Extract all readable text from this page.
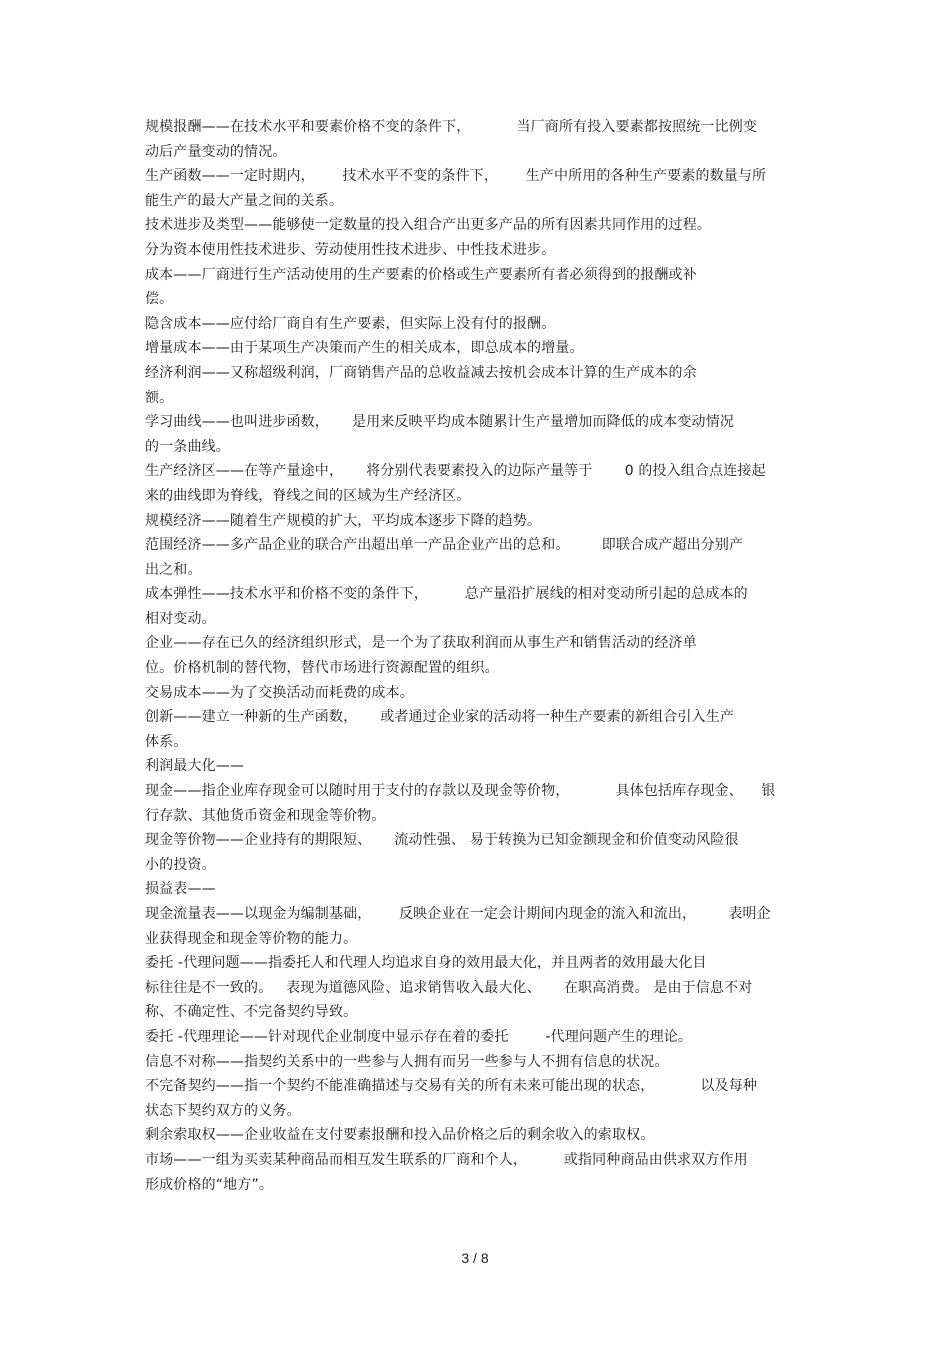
规模报酬——在技术水平和要素价格不变的条件下，          当厂商所有投入要素都按照统一比例变
动后产量变动的情况。
生产函数——一定时期内，      技术水平不变的条件下，      生产中所用的各种生产要素的数量与所
能生产的最大产量之间的关系。
技术进步及类型——能够使一定数量的投入组合产出更多产品的所有因素共同作用的过程。
分为资本使用性技术进步、劳动使用性技术进步、中性技术进步。
成本——厂商进行生产活动使用的生产要素的价格或生产要素所有者必须得到的报酬或补
偿。
隐含成本——应付给厂商自有生产要素，但实际上没有付的报酬。
增量成本——由于某项生产决策而产生的相关成本，即总成本的增量。
经济利润——又称超级利润，厂商销售产品的总收益减去按机会成本计算的生产成本的余
额。
学习曲线——也叫进步函数，     是用来反映平均成本随累计生产量增加而降低的成本变动情况
的一条曲线。
生产经济区——在等产量途中，     将分别代表要素投入的边际产量等于       0 的投入组合点连接起
来的曲线即为脊线，脊线之间的区域为生产经济区。
规模经济——随着生产规模的扩大，平均成本逐步下降的趋势。
范围经济——多产品企业的联合产出超出单一产品企业产出的总和。       即联合成产超出分别产
出之和。
成本弹性——技术水平和价格不变的条件下，        总产量沿扩展线的相对变动所引起的总成本的
相对变动。
企业——存在已久的经济组织形式，是一个为了获取利润而从事生产和销售活动的经济单
位。价格机制的替代物，替代市场进行资源配置的组织。
交易成本——为了交换活动而耗费的成本。
创新——建立一种新的生产函数，     或者通过企业家的活动将一种生产要素的新组合引入生产
体系。
利润最大化——
现金——指企业库存现金可以随时用于支付的存款以及现金等价物，          具体包括库存现金、    银
行存款、其他货币资金和现金等价物。
现金等价物——企业持有的期限短、     流动性强、 易于转换为已知金额现金和价值变动风险很
小的投资。
损益表——
现金流量表——以现金为编制基础，      反映企业在一定会计期间内现金的流入和流出，       表明企
业获得现金和现金等价物的能力。
委托 -代理问题——指委托人和代理人均追求自身的效用最大化，并且两者的效用最大化目
标往往是不一致的。   表现为道德风险、追求销售收入最大化、     在职高消费。 是由于信息不对
称、不确定性、不完备契约导致。
委托 -代理理论——针对现代企业制度中显示存在着的委托        -代理问题产生的理论。
信息不对称——指契约关系中的一些参与人拥有而另一些参与人不拥有信息的状况。
不完备契约——指一个契约不能准确描述与交易有关的所有未来可能出现的状态，          以及每种
状态下契约双方的义务。
剩余索取权——企业收益在支付要素报酬和投入品价格之后的剩余收入的索取权。
市场——一组为买卖某种商品而相互发生联系的厂商和个人，        或指同种商品由供求双方作用
形成价格的“地方”。
3 / 8
